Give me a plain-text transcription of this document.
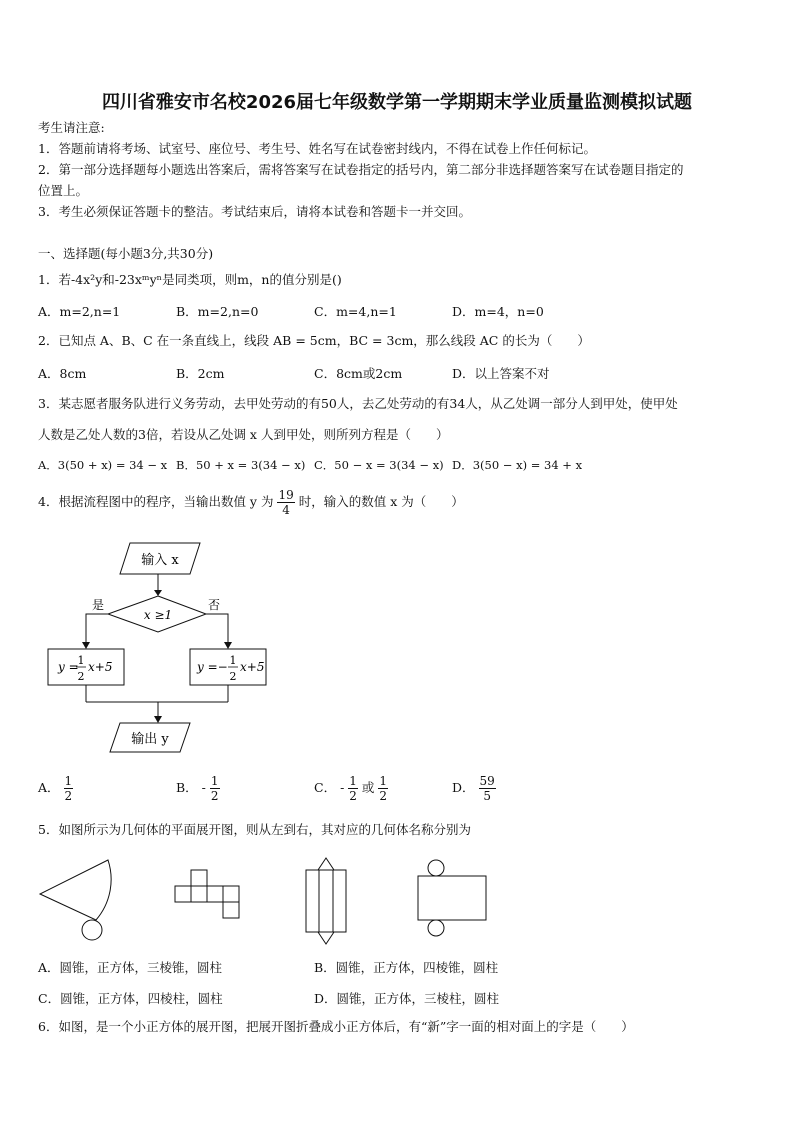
四川省雅安市名校2026届七年级数学第一学期期末学业质量监测模拟试题
考生请注意:
1．答题前请将考场、试室号、座位号、考生号、姓名写在试卷密封线内，不得在试卷上作任何标记。
2．第一部分选择题每小题选出答案后，需将答案写在试卷指定的括号内，第二部分非选择题答案写在试卷题目指定的
位置上。
3．考生必须保证答题卡的整洁。考试结束后，请将本试卷和答题卡一并交回。
一、选择题(每小题3分,共30分)
1．若-4x²y和-23xᵐyⁿ是同类项，则m，n的值分别是()
A．m=2,n=1	B．m=2,n=0	C．m=4,n=1	D．m=4，n=0
2．已知点 A、B、C 在一条直线上，线段 AB = 5cm，BC = 3cm，那么线段 AC 的长为（　　）
A．8cm	B．2cm	C．8cm或2cm	D．以上答案不对
3．某志愿者服务队进行义务劳动，去甲处劳动的有50人，去乙处劳动的有34人，从乙处调一部分人到甲处，使甲处
人数是乙处人数的3倍，若设从乙处调 x 人到甲处，则所列方程是（　　）
A．3(50 + x) = 34 − x B．50 + x = 3(34 − x) C．50 − x = 3(34 − x) D．3(50 − x) = 34 + x
4．根据流程图中的程序，当输出数值 y 为 $\frac{19}{4}$ 时，输入的数值 x 为（　　）
输入 x
x ≥1
是	否
y =
1
2
x+5	y =− 1
2
x+5
输出 y
A． $\frac{1}{2}$	B． - $\frac{1}{2}$	C． - $\frac{1}{2}$ 或 $\frac{1}{2}$	D． $\frac{59}{5}$
5．如图所示为几何体的平面展开图，则从左到右，其对应的几何体名称分别为
A．圆锥，正方体，三棱锥，圆柱	B．圆锥，正方体，四棱锥，圆柱
C．圆锥，正方体，四棱柱，圆柱	D．圆锥，正方体，三棱柱，圆柱
6．如图，是一个小正方体的展开图，把展开图折叠成小正方体后，有“新”字一面的相对面上的字是（　　）
